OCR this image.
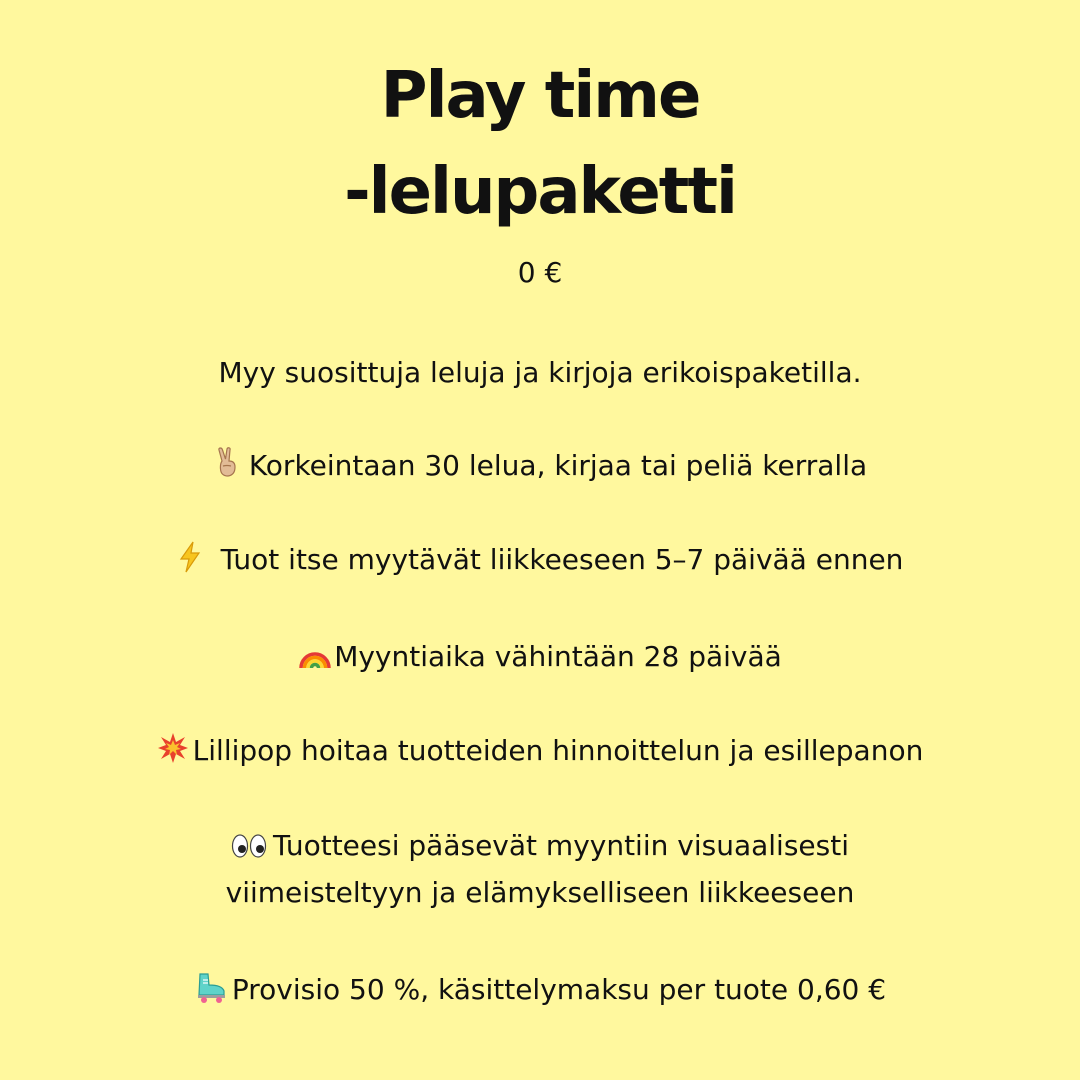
Play time
-lelupaketti
0 €
Myy suosittuja leluja ja kirjoja erikoispaketilla.
Korkeintaan 30 lelua, kirjaa tai peliä kerralla
Tuot itse myytävät liikkeeseen 5–7 päivää ennen
Myyntiaika vähintään 28 päivää
Lillipop hoitaa tuotteiden hinnoittelun ja esillepanon
Tuotteesi pääsevät myyntiin visuaalisesti
viimeisteltyyn ja elämykselliseen liikkeeseen
Provisio 50 %, käsittelymaksu per tuote 0,60 €
